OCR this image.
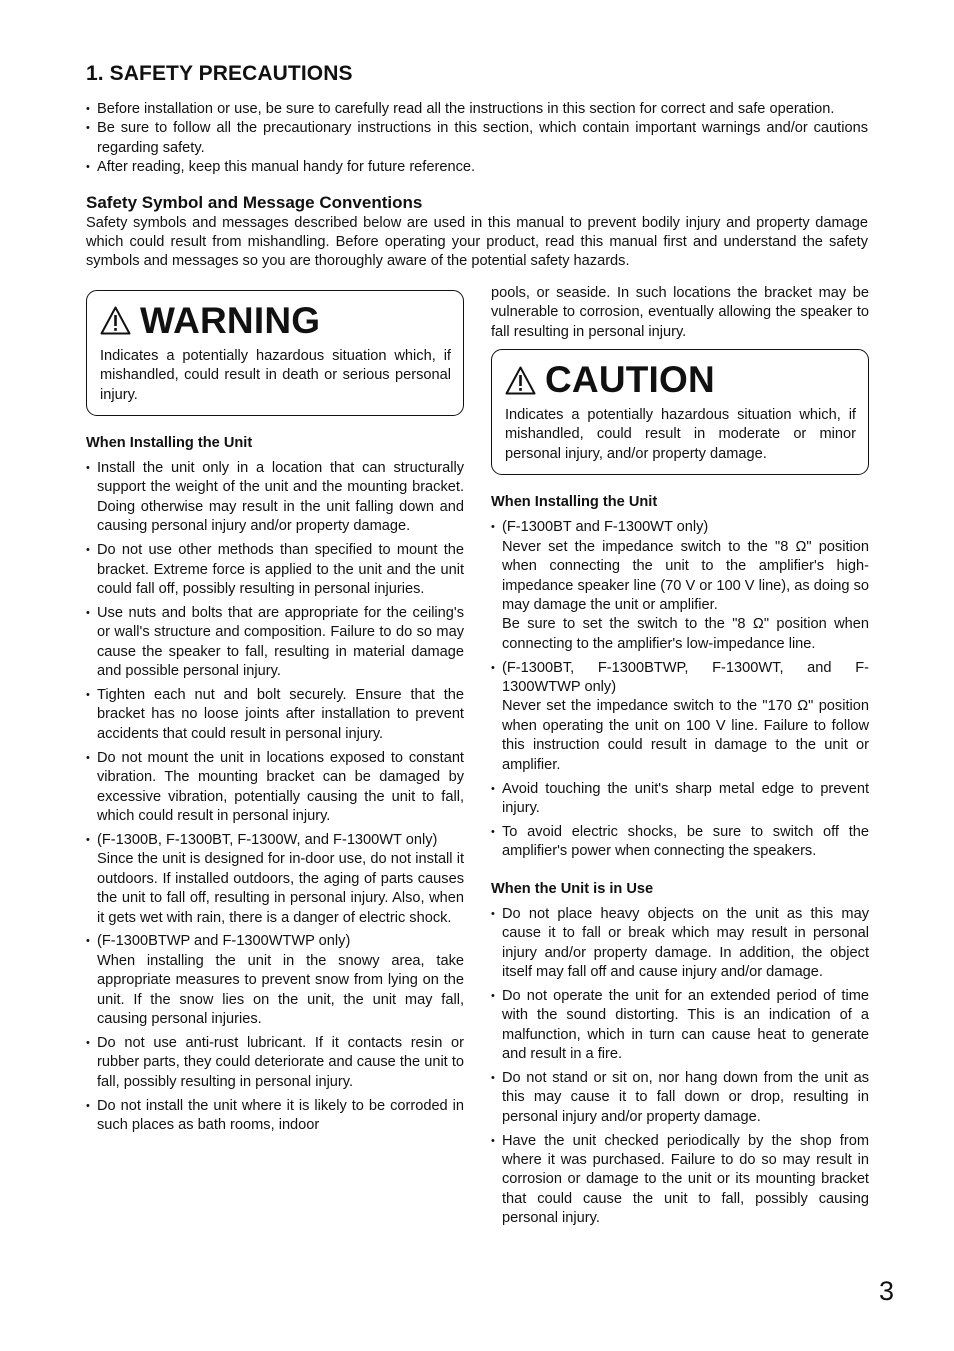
1. SAFETY PRECAUTIONS
• Before installation or use, be sure to carefully read all the instructions in this section for correct and safe operation.
• Be sure to follow all the precautionary instructions in this section, which contain important warnings and/or cautions regarding safety.
• After reading, keep this manual handy for future reference.
Safety Symbol and Message Conventions

Safety symbols and messages described below are used in this manual to prevent bodily injury and property damage which could result from mishandling. Before operating your product, read this manual first and understand the safety symbols and messages so you are thoroughly aware of the potential safety hazards.

WARNING
Indicates a potentially hazardous situation which, if mishandled, could result in death or serious personal injury.
When Installing the Unit
• Install the unit only in a location that can structurally support the weight of the unit and the mounting bracket. Doing otherwise may result in the unit falling down and causing personal injury and/or property damage.
• Do not use other methods than specified to mount the bracket. Extreme force is applied to the unit and the unit could fall off, possibly resulting in personal injuries.
• Use nuts and bolts that are appropriate for the ceiling's or wall's structure and composition. Failure to do so may cause the speaker to fall, resulting in material damage and possible personal injury.
• Tighten each nut and bolt securely. Ensure that the bracket has no loose joints after installation to prevent accidents that could result in personal injury.
• Do not mount the unit in locations exposed to constant vibration. The mounting bracket can be damaged by excessive vibration, potentially causing the unit to fall, which could result in personal injury.
• (F-1300B, F-1300BT, F-1300W, and F-1300WT only)
Since the unit is designed for in-door use, do not install it outdoors. If installed outdoors, the aging of parts causes the unit to fall off, resulting in personal injury. Also, when it gets wet with rain, there is a danger of electric shock.
• (F-1300BTWP and F-1300WTWP only)
When installing the unit in the snowy area, take appropriate measures to prevent snow from lying on the unit. If the snow lies on the unit, the unit may fall, causing personal injuries.
• Do not use anti-rust lubricant. If it contacts resin or rubber parts, they could deteriorate and cause the unit to fall, possibly resulting in personal injury.
• Do not install the unit where it is likely to be corroded in such places as bath rooms, indoor

pools, or seaside. In such locations the bracket may be vulnerable to corrosion, eventually allowing the speaker to fall resulting in personal injury.

CAUTION
Indicates a potentially hazardous situation which, if mishandled, could result in moderate or minor personal injury, and/or property damage.
When Installing the Unit
• (F-1300BT and F-1300WT only)
Never set the impedance switch to the "8 Ω" position when connecting the unit to the amplifier's high-impedance speaker line (70 V or 100 V line), as doing so may damage the unit or amplifier.
Be sure to set the switch to the "8 Ω" position when connecting to the amplifier's low-impedance line.
• (F-1300BT, F-1300BTWP, F-1300WT, and F-1300WTWP only)
Never set the impedance switch to the "170 Ω" position when operating the unit on 100 V line. Failure to follow this instruction could result in damage to the unit or amplifier.
• Avoid touching the unit's sharp metal edge to prevent injury.
• To avoid electric shocks, be sure to switch off the amplifier's power when connecting the speakers.
When the Unit is in Use
• Do not place heavy objects on the unit as this may cause it to fall or break which may result in personal injury and/or property damage. In addition, the object itself may fall off and cause injury and/or damage.
• Do not operate the unit for an extended period of time with the sound distorting. This is an indication of a malfunction, which in turn can cause heat to generate and result in a fire.
• Do not stand or sit on, nor hang down from the unit as this may cause it to fall down or drop, resulting in personal injury and/or property damage.
• Have the unit checked periodically by the shop from where it was purchased. Failure to do so may result in corrosion or damage to the unit or its mounting bracket that could cause the unit to fall, possibly causing personal injury.
3
